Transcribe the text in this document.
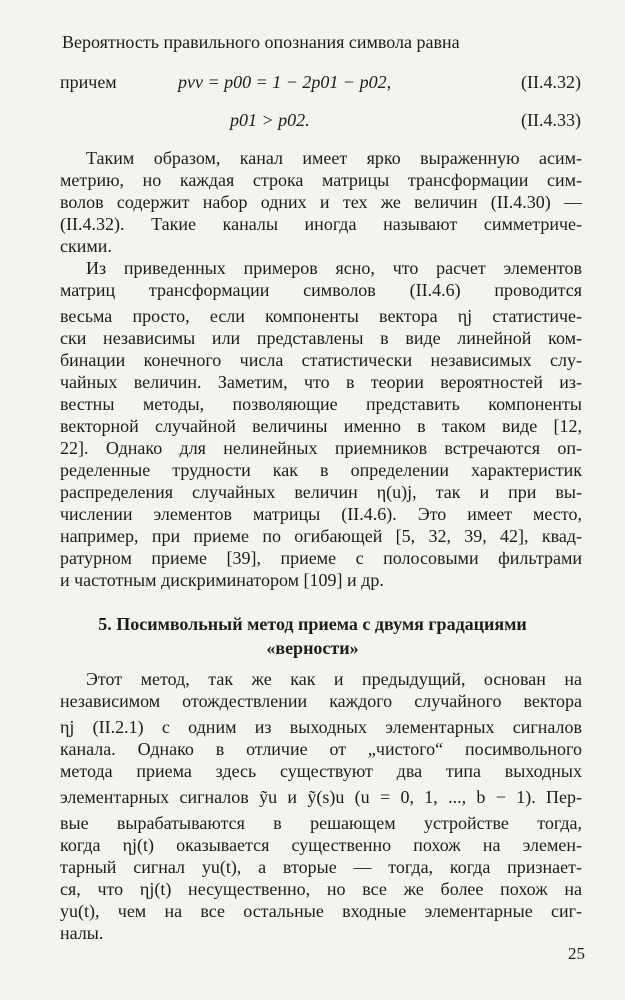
Вероятность правильного опознания символа равна
причем	pvv = p00 = 1 − 2p01 − p02,	(II.4.32)
p01 > p02.	(II.4.33)
Таким образом, канал имеет ярко выраженную асим-
метрию, но каждая строка матрицы трансформации сим-
волов содержит набор одних и тех же величин (II.4.30) —
(II.4.32). Такие каналы иногда называют симметриче-
скими.
Из приведенных примеров ясно, что расчет элементов
матриц трансформации символов (II.4.6) проводится
весьма просто, если компоненты вектора ηj статистиче-
ски независимы или представлены в виде линейной ком-
бинации конечного числа статистически независимых слу-
чайных величин. Заметим, что в теории вероятностей из-
вестны методы, позволяющие представить компоненты
векторной случайной величины именно в таком виде [12,
22]. Однако для нелинейных приемников встречаются оп-
ределенные трудности как в определении характеристик
распределения случайных величин η(u)j, так и при вы-
числении элементов матрицы (II.4.6). Это имеет место,
например, при приеме по огибающей [5, 32, 39, 42], квад-
ратурном приеме [39], приеме с полосовыми фильтрами
и частотным дискриминатором [109] и др.
5. Посимвольный метод приема с двумя градациями
«верности»
Этот метод, так же как и предыдущий, основан на
независимом отождествлении каждого случайного вектора
ηj (II.2.1) с одним из выходных элементарных сигналов
канала. Однако в отличие от „чистого“ посимвольного
метода приема здесь существуют два типа выходных
элементарных сигналов ỹu и ỹ(s)u (u = 0, 1, ..., b − 1). Пер-
вые вырабатываются в решающем устройстве тогда,
когда ηj(t) оказывается существенно похож на элемен-
тарный сигнал yu(t), а вторые — тогда, когда признает-
ся, что ηj(t) несущественно, но все же более похож на
yu(t), чем на все остальные входные элементарные сиг-
налы.
25
